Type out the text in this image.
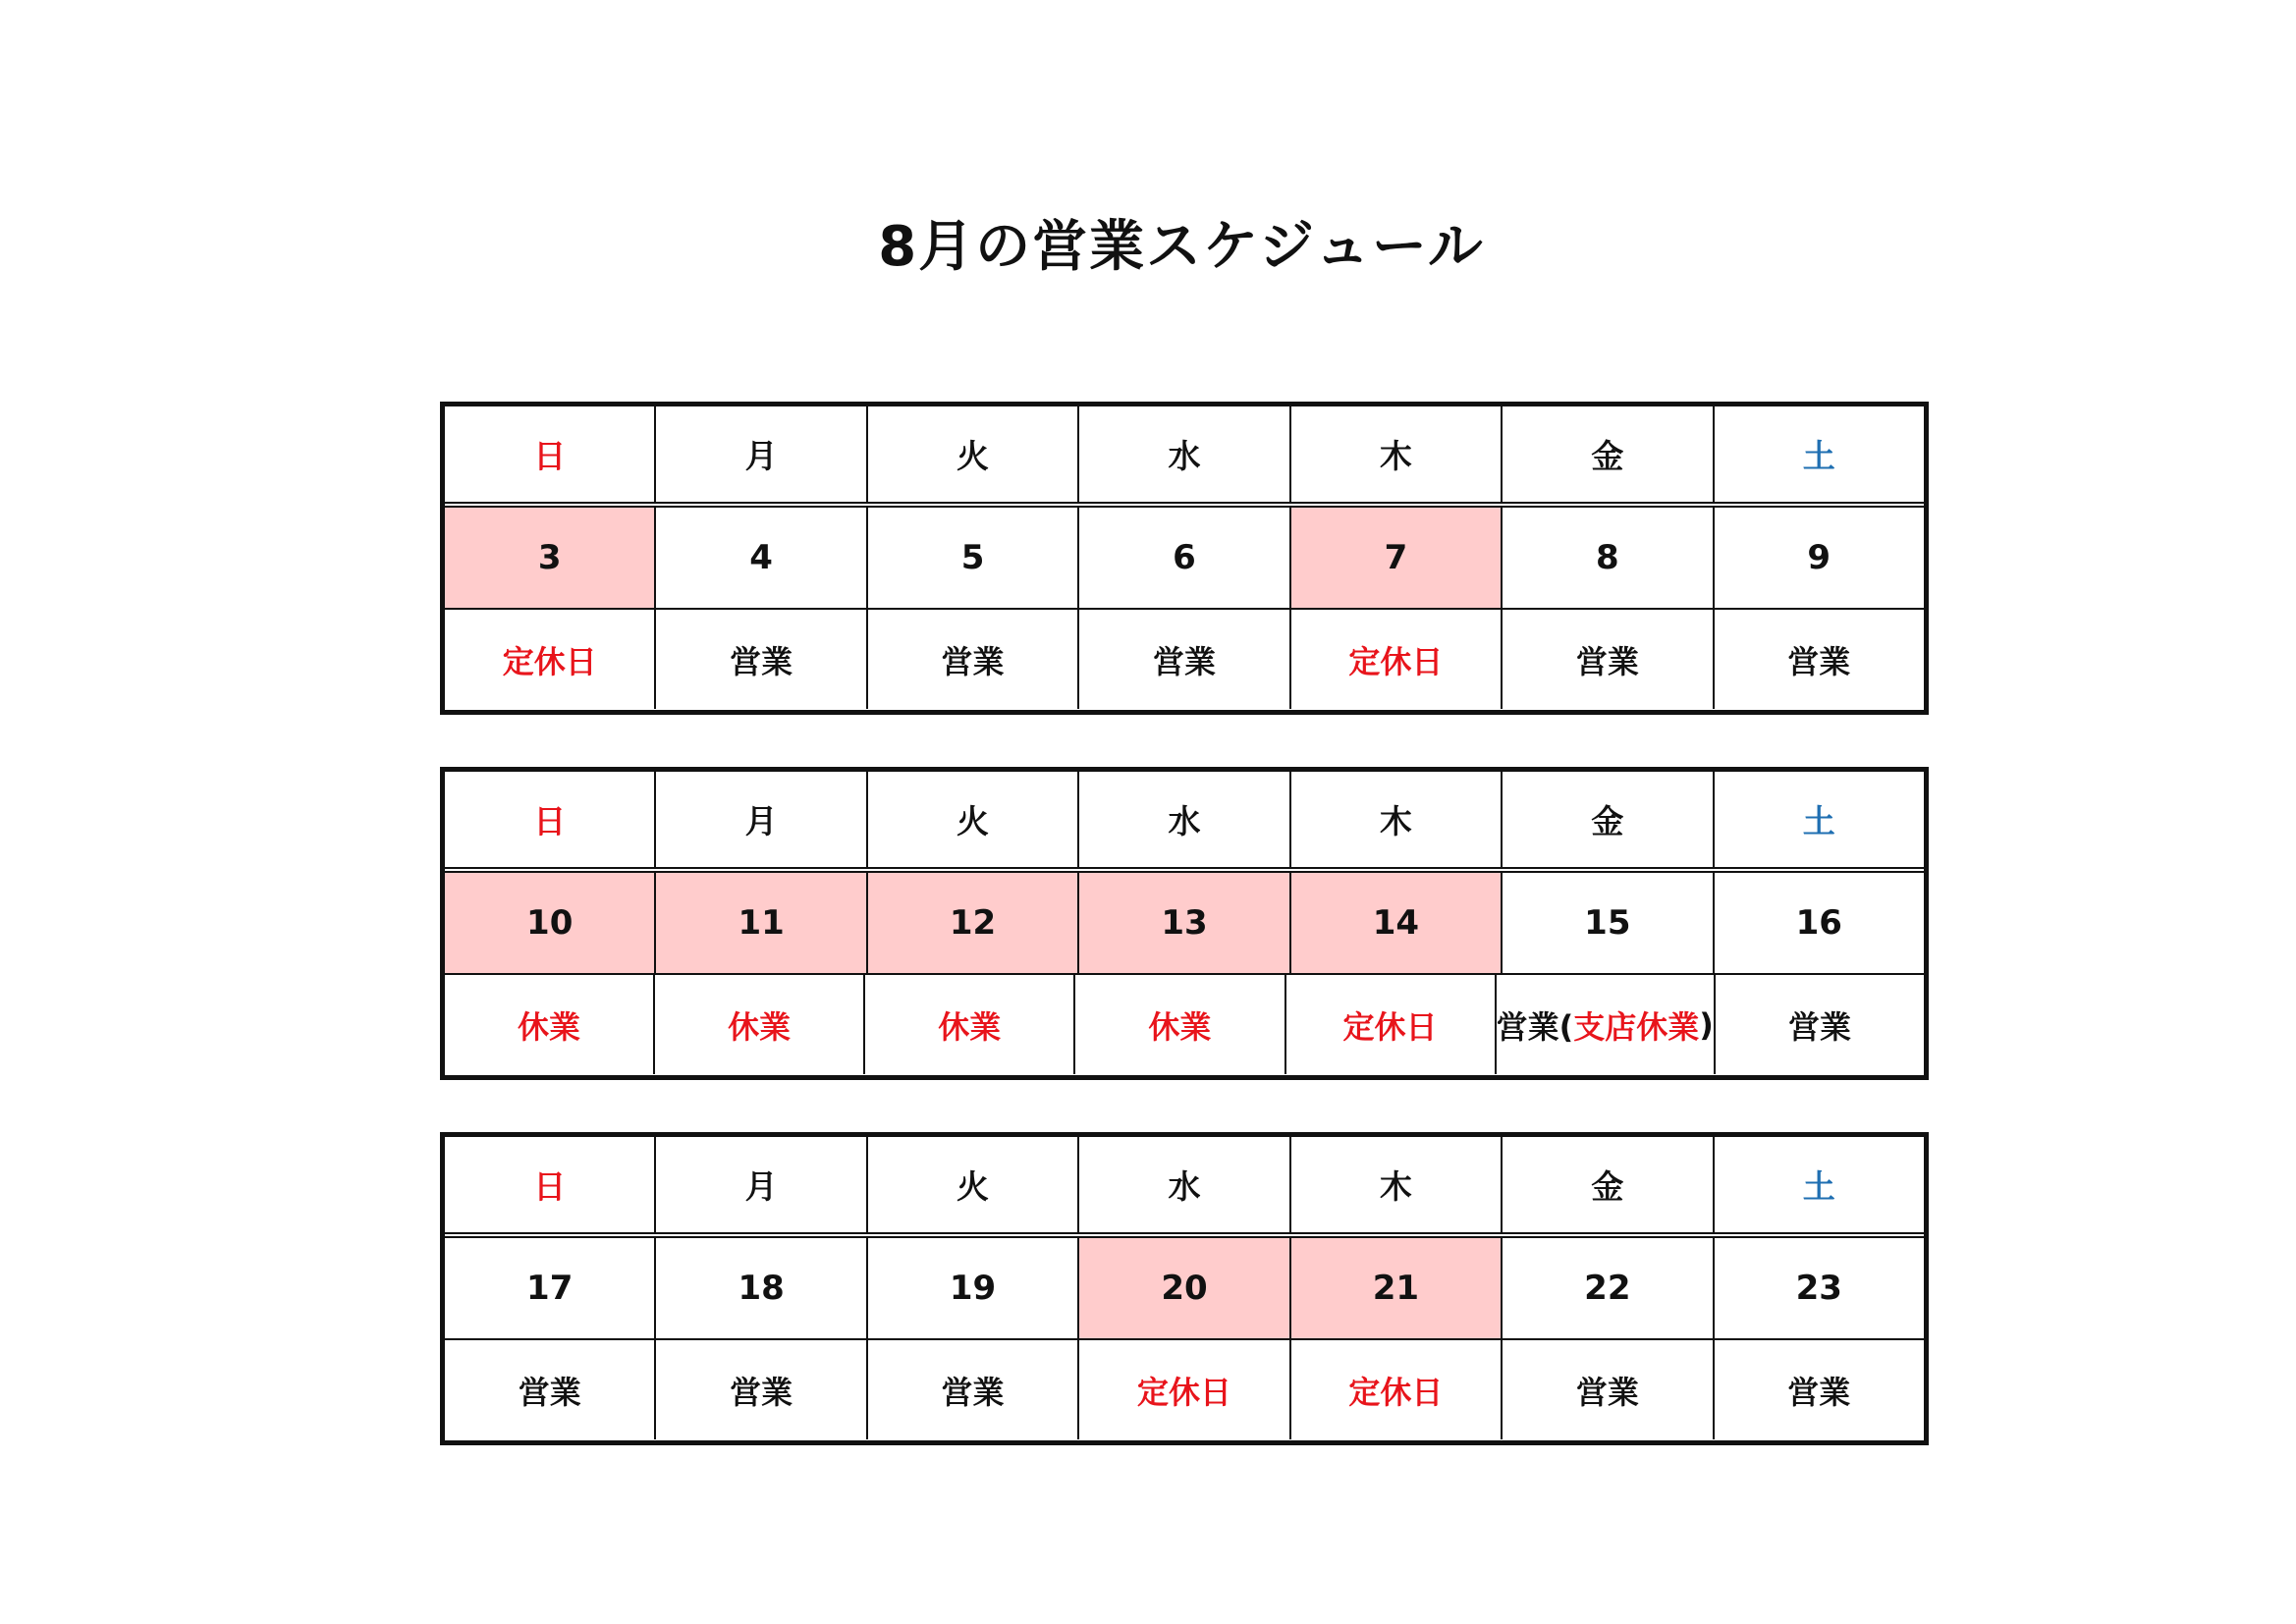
8月の営業スケジュール
日	月	火	水	木	金	土
3	4	5	6	7	8	9
定休日	営業	営業	営業	定休日	営業	営業
日	月	火	水	木	金	土
10	11	12	13	14	15	16
休業	休業	休業	休業	定休日	営業( 支店休業 )	営業
日	月	火	水	木	金	土
17	18	19	20	21	22	23
営業	営業	営業	定休日	定休日	営業	営業
